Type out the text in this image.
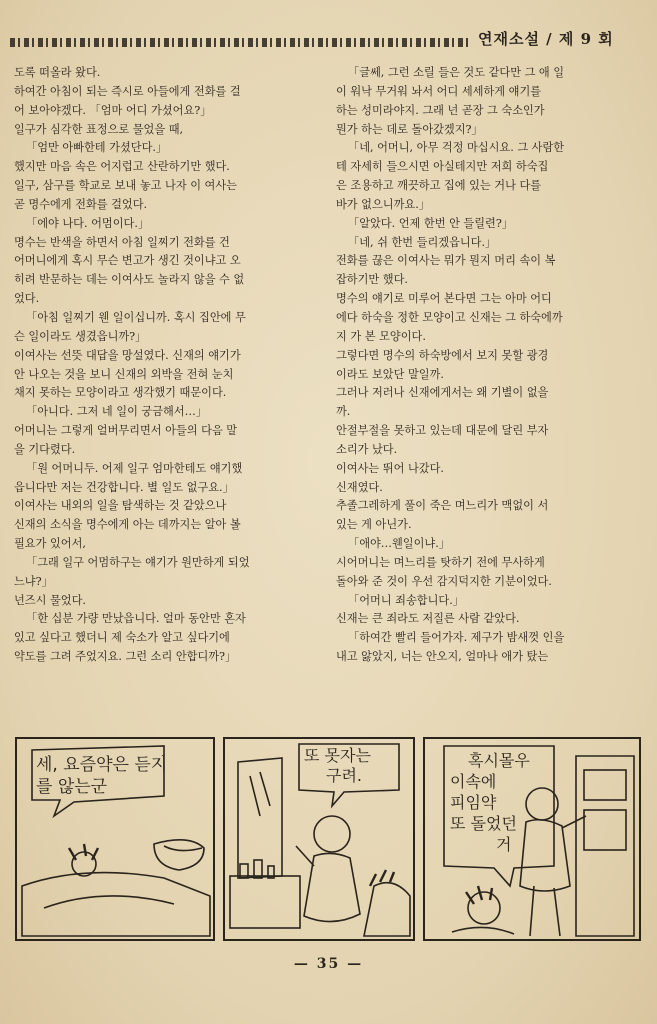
연재소설 / 제 9 회
도록 떠올라 왔다.
하여간 아침이 되는 즉시로 아들에게 전화를 걸
어 보아야겠다. 「엄마 어디 가셨어요?」
일구가 심각한 표정으로 물었을 때,
「엄만 아빠한테 가셨단다.」
했지만 마음 속은 어지럽고 산란하기만 했다.
일구, 삼구를 학교로 보내 놓고 나자 이 여사는
곧 명수에게 전화를 걸었다.
「에야 나다. 어멈이다.」
명수는 반색을 하면서 아침 일찌기 전화를 건
어머니에게 혹시 무슨 변고가 생긴 것이냐고 오
히려 반문하는 데는 이여사도 놀라지 않을 수 없
었다.
「아침 일찌기 웬 일이십니까. 혹시 집안에 무
슨 일이라도 생겼읍니까?」
이여사는 선뜻 대답을 망설였다. 신재의 얘기가
안 나오는 것을 보니 신재의 외박을 전혀 눈치
채지 못하는 모양이라고 생각했기 때문이다.
「아니다. 그저 네 일이 궁금해서…」
어머니는 그렇게 얼버무리면서 아들의 다음 말
을 기다렸다.
「원 어머니두. 어제 일구 엄마한테도 얘기했
읍니다만 저는 건강합니다. 별 일도 없구요.」
이여사는 내외의 일을 탐색하는 것 같았으나
신재의 소식을 명수에게 아는 데까지는 알아 볼
필요가 있어서,
「그래 일구 어멈하구는 얘기가 원만하게 되었
느냐?」
넌즈시 물었다.
「한 십분 가량 만났읍니다. 얼마 동안만 혼자
있고 싶다고 했더니 제 숙소가 알고 싶다기에
약도를 그려 주었지요. 그런 소리 안합디까?」
「글쎄, 그런 소릴 들은 것도 같다만 그 애 일
이 워낙 무거워 놔서 어디 세세하게 얘기를
하는 성미라야지. 그래 넌 곧장 그 숙소인가
뭔가 하는 데로 돌아갔겠지?」
「네, 어머니, 아무 걱정 마십시요. 그 사람한
테 자세히 들으시면 아실테지만 저희 하숙집
은 조용하고 깨끗하고 집에 있는 거나 다를
바가 없으니까요.」
「알았다. 언제 한번 안 들릴련?」
「네, 쉬 한번 들리겠읍니다.」
전화를 끊은 이여사는 뭐가 뭔지 머리 속이 복
잡하기만 했다.
명수의 얘기로 미루어 본다면 그는 아마 어디
에다 하숙을 정한 모양이고 신재는 그 하숙에까
지 가 본 모양이다.
그렇다면 명수의 하숙방에서 보지 못할 광경
이라도 보았단 말일까.
그러나 저러나 신재에게서는 왜 기별이 없을
까.
안절부절을 못하고 있는데 대문에 달린 부자
소리가 났다.
이여사는 뛰어 나갔다.
신재였다.
추졸그레하게 풀이 죽은 며느리가 맥없이 서
있는 게 아닌가.
「애야…웬일이냐.」
시어머니는 며느리를 탓하기 전에 무사하게
돌아와 준 것이 우선 감지덕지한 기분이었다.
「어머니 죄송합니다.」
신재는 큰 죄라도 저질른 사람 같았다.
「하여간 빨리 들어가자. 제구가 밤새껏 인을
내고 앓았지, 너는 안오지, 얼마나 애가 탔는
세, 요즘약은 듣지
를 않는군
또 못자는
구려.
혹시몰우
이속에
피임약
또 돌었던
거
— 35 —
